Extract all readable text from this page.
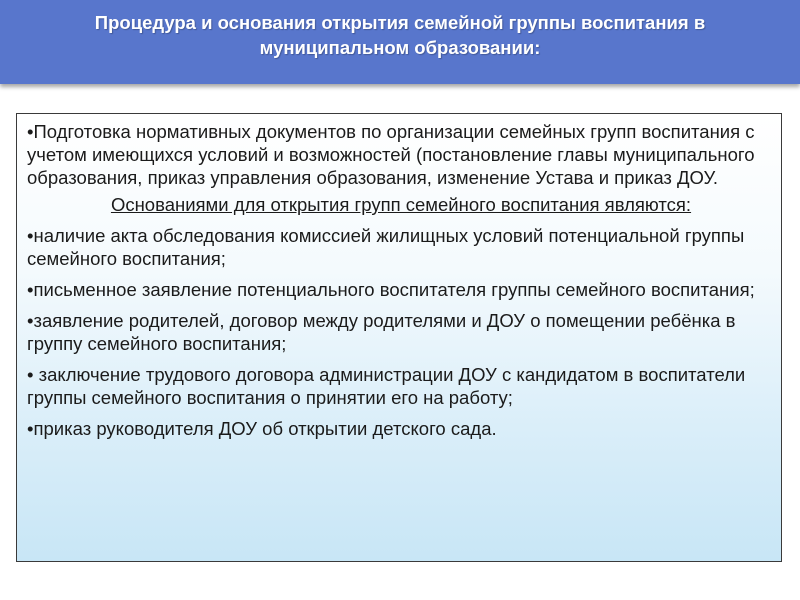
Процедура и основания открытия семейной группы воспитания в
муниципальном образовании:

•Подготовка нормативных документов по организации семейных групп воспитания с учетом имеющихся условий и возможностей (постановление главы муниципального образования, приказ управления образования, изменение Устава и приказ ДОУ.

Основаниями для открытия групп семейного воспитания являются:

•наличие акта обследования комиссией жилищных условий потенциальной группы семейного воспитания;

•письменное заявление потенциального воспитателя группы семейного воспитания;

•заявление родителей, договор между родителями и ДОУ о помещении ребёнка в группу семейного воспитания;

• заключение трудового договора администрации ДОУ с кандидатом в воспитатели группы семейного воспитания о принятии его на работу;

•приказ руководителя ДОУ об открытии детского сада.
